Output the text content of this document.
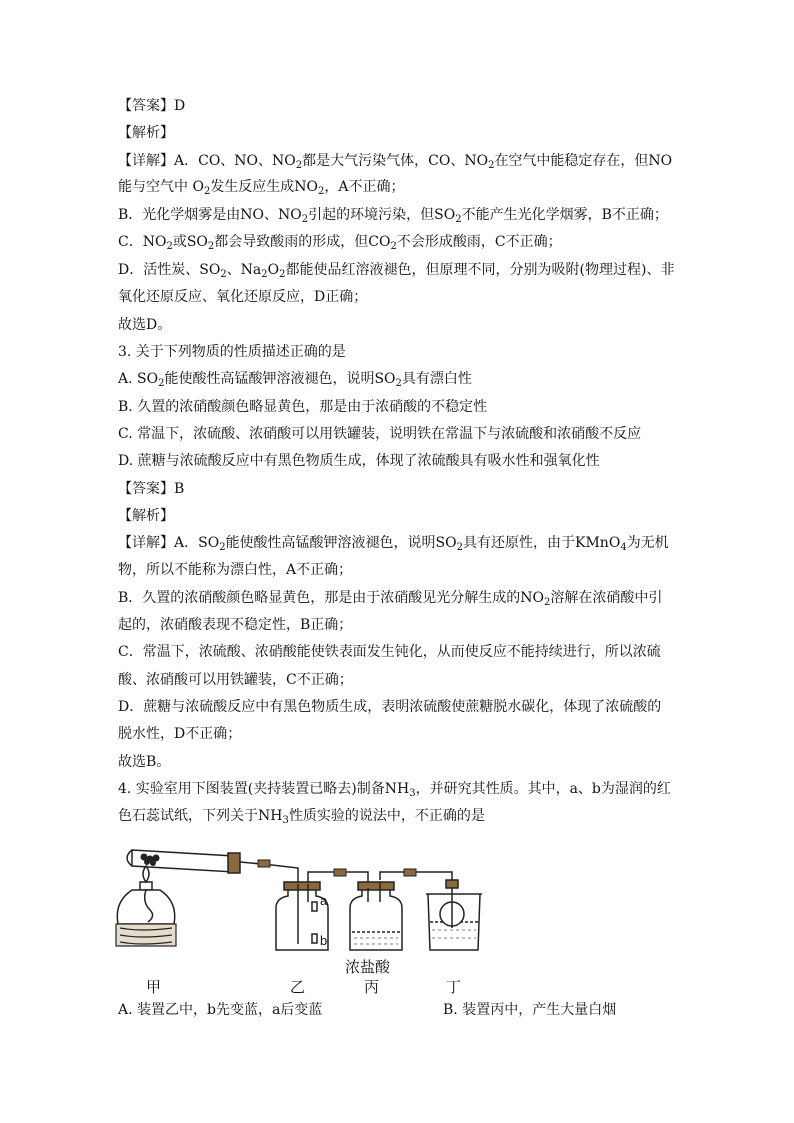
【答案】D
【解析】
【详解】A．CO、NO、$NO_2$都是大气污染气体，CO、$NO_2$在空气中能稳定存在，但NO
能与空气中 $O_2$发生反应生成$NO_2$，A不正确；
B．光化学烟雾是由NO、$NO_2$引起的环境污染，但$SO_2$不能产生光化学烟雾，B不正确；
C．$NO_2$或$SO_2$都会导致酸雨的形成，但$CO_2$不会形成酸雨，C不正确；
D．活性炭、$SO_2$、$Na_2O_2$都能使品红溶液褪色，但原理不同，分别为吸附(物理过程)、非
氧化还原反应、氧化还原反应，D正确；
故选D。
3. 关于下列物质的性质描述正确的是
A. $SO_2$能使酸性高锰酸钾溶液褪色，说明$SO_2$具有漂白性
B. 久置的浓硝酸颜色略显黄色，那是由于浓硝酸的不稳定性
C. 常温下，浓硫酸、浓硝酸可以用铁罐装，说明铁在常温下与浓硫酸和浓硝酸不反应
D. 蔗糖与浓硫酸反应中有黑色物质生成，体现了浓硫酸具有吸水性和强氧化性
【答案】B
【解析】
【详解】A．$SO_2$能使酸性高锰酸钾溶液褪色，说明$SO_2$具有还原性，由于KMnO$_4$为无机
物，所以不能称为漂白性，A不正确；
B．久置的浓硝酸颜色略显黄色，那是由于浓硝酸见光分解生成的$NO_2$溶解在浓硝酸中引
起的，浓硝酸表现不稳定性，B正确；
C．常温下，浓硫酸、浓硝酸能使铁表面发生钝化，从而使反应不能持续进行，所以浓硫
酸、浓硝酸可以用铁罐装，C不正确；
D．蔗糖与浓硫酸反应中有黑色物质生成，表明浓硫酸使蔗糖脱水碳化，体现了浓硫酸的
脱水性，D不正确；
故选B。
4. 实验室用下图装置(夹持装置已略去)制备$NH_3$，并研究其性质。其中，a、b为湿润的红
色石蕊试纸，下列关于$NH_3$性质实验的说法中，不正确的是
a
b
浓盐酸
甲	乙	丙	丁
A. 装置乙中，b先变蓝，a后变蓝	B. 装置丙中，产生大量白烟
